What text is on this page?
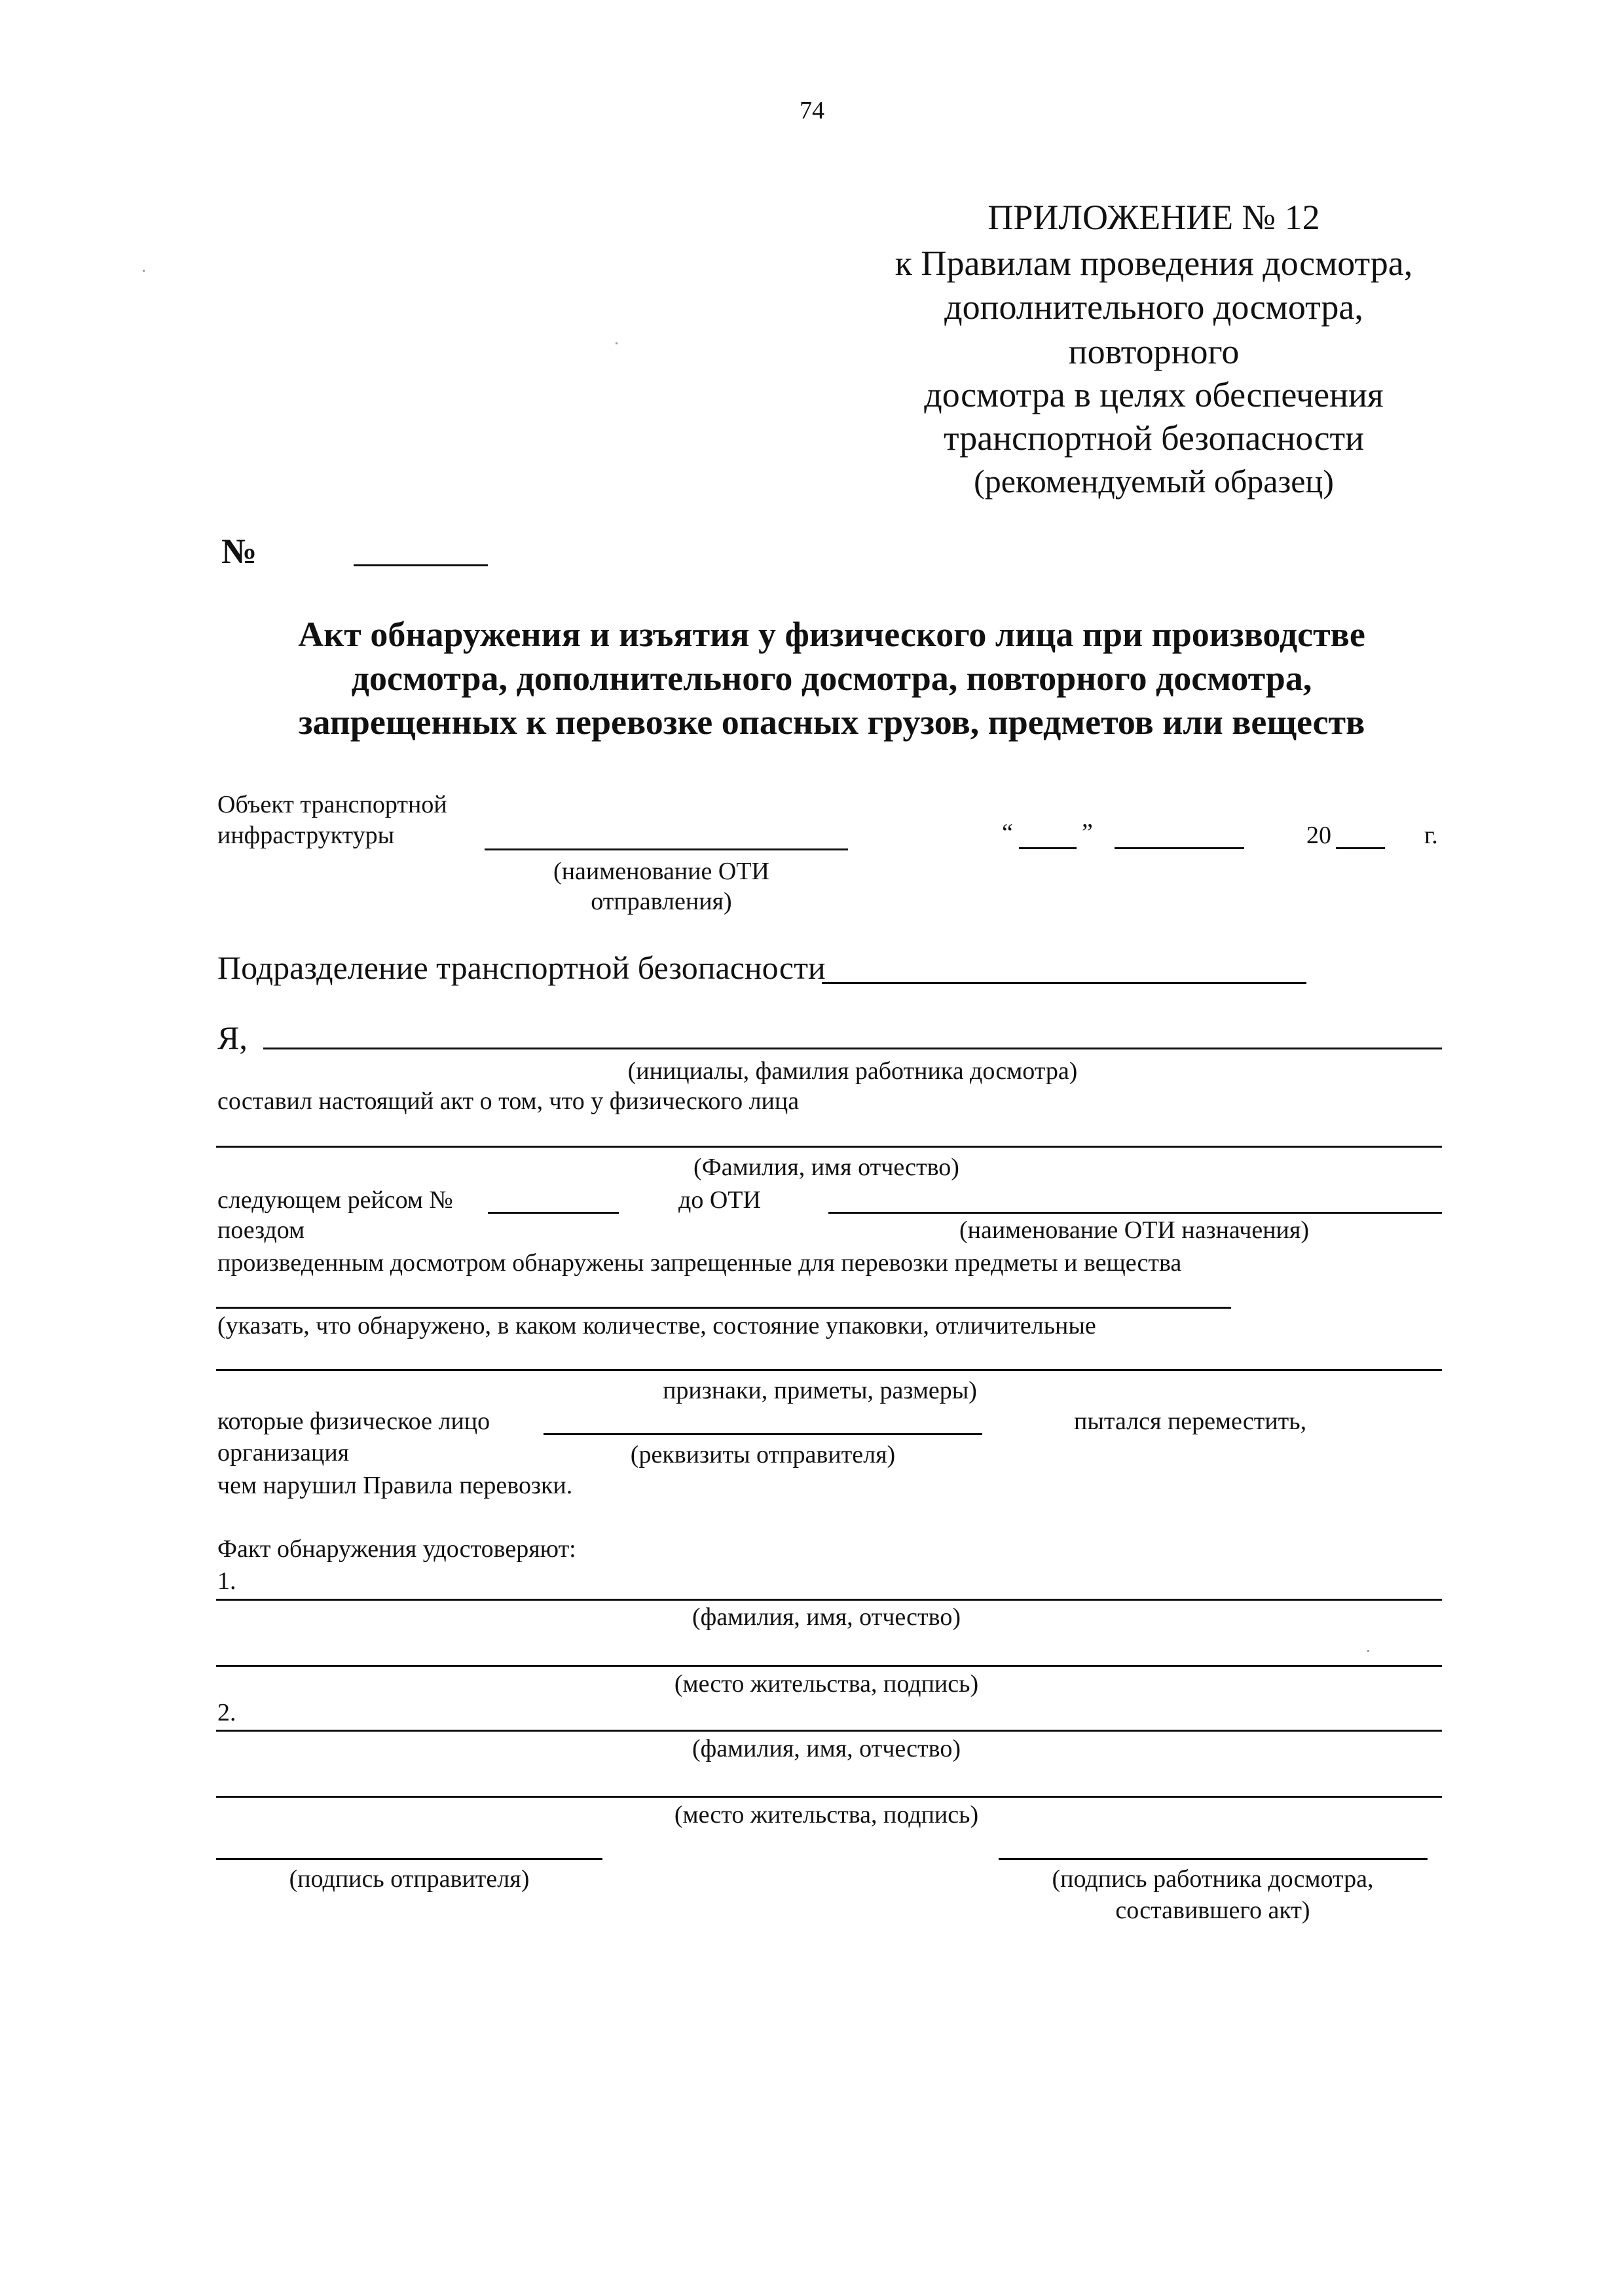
74
ПРИЛОЖЕНИЕ № 12
к Правилам проведения досмотра,
дополнительного досмотра,
повторного
досмотра в целях обеспечения
транспортной безопасности
(рекомендуемый образец)
№
Акт обнаружения и изъятия у физического лица при производстве
досмотра, дополнительного досмотра, повторного досмотра,
запрещенных к перевозке опасных грузов, предметов или веществ
Объект транспортной
инфраструктуры
(наименование ОТИ
отправления)
“	”	20	г.
Подразделение транспортной безопасности
Я,
(инициалы, фамилия работника досмотра)
составил настоящий акт о том, что у физического лица
(Фамилия, имя отчество)
следующем рейсом №	до ОТИ
поездом	(наименование ОТИ назначения)
произведенным досмотром обнаружены запрещенные для перевозки предметы и вещества
(указать, что обнаружено, в каком количестве, состояние упаковки, отличительные
признаки, приметы, размеры)
которые физическое лицо	пытался переместить,
организация	(реквизиты отправителя)
чем нарушил Правила перевозки.
Факт обнаружения удостоверяют:
1.
(фамилия, имя, отчество)
(место жительства, подпись)
2.
(фамилия, имя, отчество)
(место жительства, подпись)
(подпись отправителя)	(подпись работника досмотра,
составившего акт)
